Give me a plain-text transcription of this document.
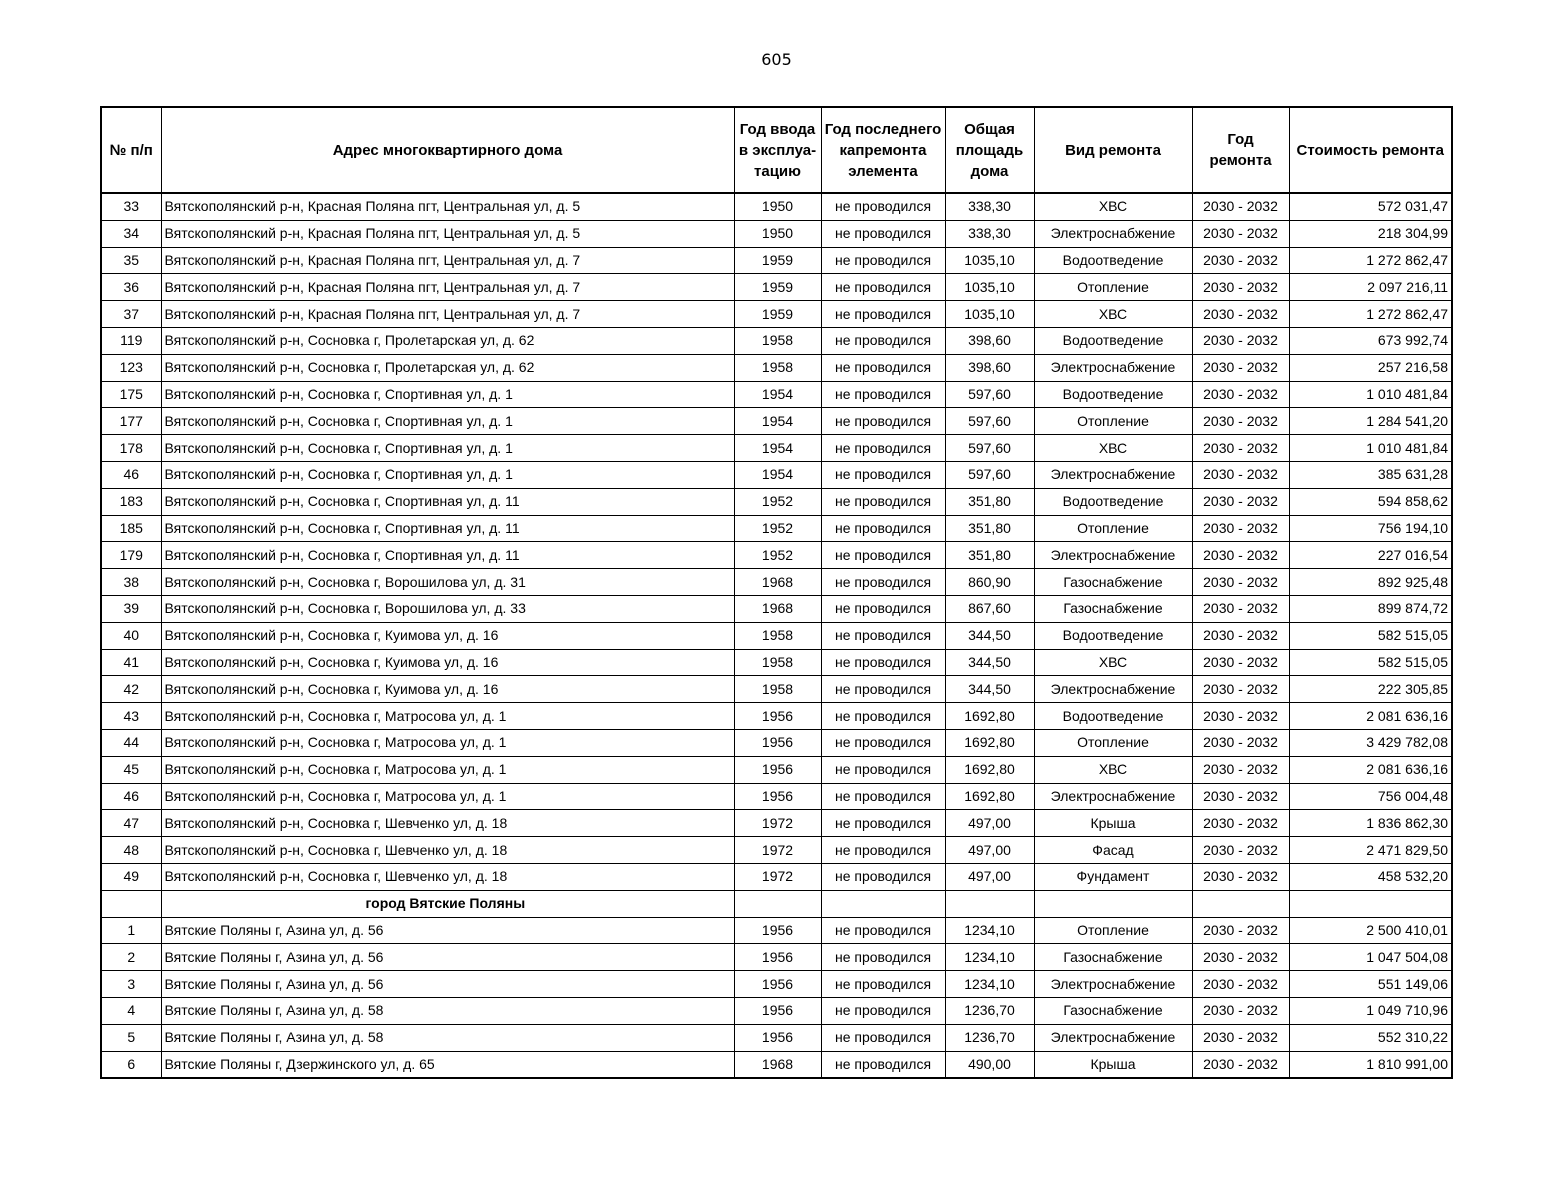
605
№ п/п	Адрес многоквартирного дома	Год ввода в эксплуа-тацию	Год последнего капремонта элемента	Общая площадь дома	Вид ремонта	Год ремонта	Стоимость ремонта
33	Вятскополянский р-н, Красная Поляна пгт, Центральная ул, д. 5	1950	не проводился	338,30	ХВС	2030 - 2032	572 031,47
34	Вятскополянский р-н, Красная Поляна пгт, Центральная ул, д. 5	1950	не проводился	338,30	Электроснабжение	2030 - 2032	218 304,99
35	Вятскополянский р-н, Красная Поляна пгт, Центральная ул, д. 7	1959	не проводился	1035,10	Водоотведение	2030 - 2032	1 272 862,47
36	Вятскополянский р-н, Красная Поляна пгт, Центральная ул, д. 7	1959	не проводился	1035,10	Отопление	2030 - 2032	2 097 216,11
37	Вятскополянский р-н, Красная Поляна пгт, Центральная ул, д. 7	1959	не проводился	1035,10	ХВС	2030 - 2032	1 272 862,47
119	Вятскополянский р-н, Сосновка г, Пролетарская ул, д. 62	1958	не проводился	398,60	Водоотведение	2030 - 2032	673 992,74
123	Вятскополянский р-н, Сосновка г, Пролетарская ул, д. 62	1958	не проводился	398,60	Электроснабжение	2030 - 2032	257 216,58
175	Вятскополянский р-н, Сосновка г, Спортивная ул, д. 1	1954	не проводился	597,60	Водоотведение	2030 - 2032	1 010 481,84
177	Вятскополянский р-н, Сосновка г, Спортивная ул, д. 1	1954	не проводился	597,60	Отопление	2030 - 2032	1 284 541,20
178	Вятскополянский р-н, Сосновка г, Спортивная ул, д. 1	1954	не проводился	597,60	ХВС	2030 - 2032	1 010 481,84
46	Вятскополянский р-н, Сосновка г, Спортивная ул, д. 1	1954	не проводился	597,60	Электроснабжение	2030 - 2032	385 631,28
183	Вятскополянский р-н, Сосновка г, Спортивная ул, д. 11	1952	не проводился	351,80	Водоотведение	2030 - 2032	594 858,62
185	Вятскополянский р-н, Сосновка г, Спортивная ул, д. 11	1952	не проводился	351,80	Отопление	2030 - 2032	756 194,10
179	Вятскополянский р-н, Сосновка г, Спортивная ул, д. 11	1952	не проводился	351,80	Электроснабжение	2030 - 2032	227 016,54
38	Вятскополянский р-н, Сосновка г, Ворошилова ул, д. 31	1968	не проводился	860,90	Газоснабжение	2030 - 2032	892 925,48
39	Вятскополянский р-н, Сосновка г, Ворошилова ул, д. 33	1968	не проводился	867,60	Газоснабжение	2030 - 2032	899 874,72
40	Вятскополянский р-н, Сосновка г, Куимова ул, д. 16	1958	не проводился	344,50	Водоотведение	2030 - 2032	582 515,05
41	Вятскополянский р-н, Сосновка г, Куимова ул, д. 16	1958	не проводился	344,50	ХВС	2030 - 2032	582 515,05
42	Вятскополянский р-н, Сосновка г, Куимова ул, д. 16	1958	не проводился	344,50	Электроснабжение	2030 - 2032	222 305,85
43	Вятскополянский р-н, Сосновка г, Матросова ул, д. 1	1956	не проводился	1692,80	Водоотведение	2030 - 2032	2 081 636,16
44	Вятскополянский р-н, Сосновка г, Матросова ул, д. 1	1956	не проводился	1692,80	Отопление	2030 - 2032	3 429 782,08
45	Вятскополянский р-н, Сосновка г, Матросова ул, д. 1	1956	не проводился	1692,80	ХВС	2030 - 2032	2 081 636,16
46	Вятскополянский р-н, Сосновка г, Матросова ул, д. 1	1956	не проводился	1692,80	Электроснабжение	2030 - 2032	756 004,48
47	Вятскополянский р-н, Сосновка г, Шевченко ул, д. 18	1972	не проводился	497,00	Крыша	2030 - 2032	1 836 862,30
48	Вятскополянский р-н, Сосновка г, Шевченко ул, д. 18	1972	не проводился	497,00	Фасад	2030 - 2032	2 471 829,50
49	Вятскополянский р-н, Сосновка г, Шевченко ул, д. 18	1972	не проводился	497,00	Фундамент	2030 - 2032	458 532,20
	город Вятские Поляны						
1	Вятские Поляны г, Азина ул, д. 56	1956	не проводился	1234,10	Отопление	2030 - 2032	2 500 410,01
2	Вятские Поляны г, Азина ул, д. 56	1956	не проводился	1234,10	Газоснабжение	2030 - 2032	1 047 504,08
3	Вятские Поляны г, Азина ул, д. 56	1956	не проводился	1234,10	Электроснабжение	2030 - 2032	551 149,06
4	Вятские Поляны г, Азина ул, д. 58	1956	не проводился	1236,70	Газоснабжение	2030 - 2032	1 049 710,96
5	Вятские Поляны г, Азина ул, д. 58	1956	не проводился	1236,70	Электроснабжение	2030 - 2032	552 310,22
6	Вятские Поляны г, Дзержинского ул, д. 65	1968	не проводился	490,00	Крыша	2030 - 2032	1 810 991,00
